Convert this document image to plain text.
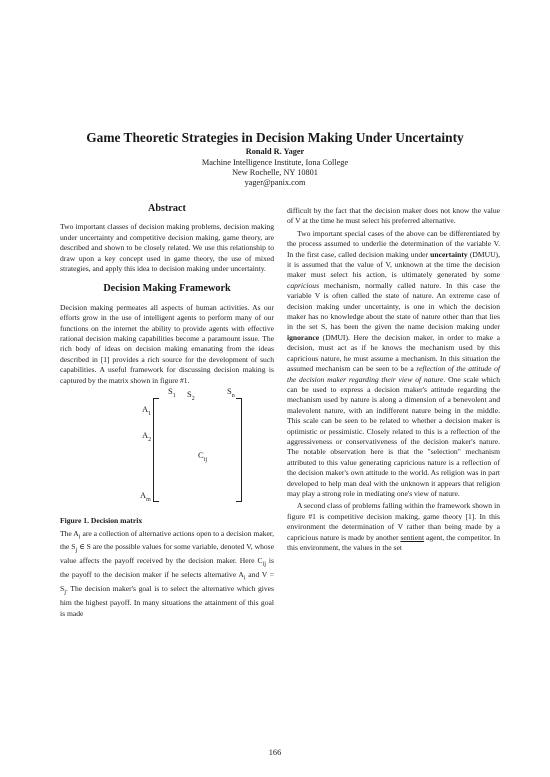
Game Theoretic Strategies in Decision Making Under Uncertainty
Ronald R. Yager
Machine Intelligence Institute, Iona College
New Rochelle, NY 10801
yager@panix.com

Abstract

Two important classes of decision making problems, decision making under uncertainty and competitive decision making, game theory, are described and shown to be closely related. We use this relationship to draw upon a key concept used in game theory, the use of mixed strategies, and apply this idea to decision making under uncertainty.

Decision Making Framework

Decision making permeates all aspects of human activities. As our efforts grow in the use of intelligent agents to perform many of our functions on the internet the ability to provide agents with effective rational decision making capabilities become a paramount issue. The rich body of ideas on decision making emanating from the ideas described in [1] provides a rich source for the development of such capabilities. A useful framework for discussing decision making is captured by the matrix shown in figure #1.

$S_1$ $S_2$
$S_n$
$A_1$
$A_2$
$C_{ij}$
$A_m$

Figure 1. Decision matrix

The $A_i$ are a collection of alternative actions open to a decision maker, the $S_j$ ∈ S are the possible values for some variable, denoted V, whose value affects the payoff received by the decision maker. Here $C_{ij}$ is the payoff to the decision maker if he selects alternative $A_i$ and $V = S_j$. The decision maker's goal is to select the alternative which gives him the highest payoff. In many situations the attainment of this goal is made

difficult by the fact that the decision maker does not know the value of V at the time he must select his preferred alternative.

Two important special cases of the above can be differentiated by the process assumed to underlie the determination of the variable V. In the first case, called decision making under uncertainty (DMUU), it is assumed that the value of V, unknown at the time the decision maker must select his action, is ultimately generated by some capricious mechanism, normally called nature. In this case the variable V is often called the state of nature. An extreme case of decision making under uncertainty, is one in which the decision maker has no knowledge about the state of nature other than that lies in the set S, has been the given the name decision making under ignorance (DMUI). Here the decision maker, in order to make a decision, must act as if he knows the mechanism used by this capricious nature, he must assume a mechanism. In this situation the assumed mechanism can be seen to be a reflection of the attitude of the decision maker regarding their view of nature. One scale which can be used to express a decision maker's attitude regarding the mechanism used by nature is along a dimension of a benevolent and malevolent nature, with an indifferent nature being in the middle. This scale can be seen to be related to whether a decision maker is optimistic or pessimistic. Closely related to this is a reflection of the aggressiveness or conservativeness of the decision maker's nature. The notable observation here is that the "selection" mechanism attributed to this value generating capricious nature is a reflection of the decision maker's own attitude to the world. As religion was in part developed to help man deal with the unknown it appears that religion may play a strong role in mediating one's view of nature.

A second class of problems falling within the framework shown in figure #1 is competitive decision making, game theory [1]. In this environment the determination of V rather than being made by a capricious nature is made by another sentient agent, the competitor. In this environment, the values in the set

166
